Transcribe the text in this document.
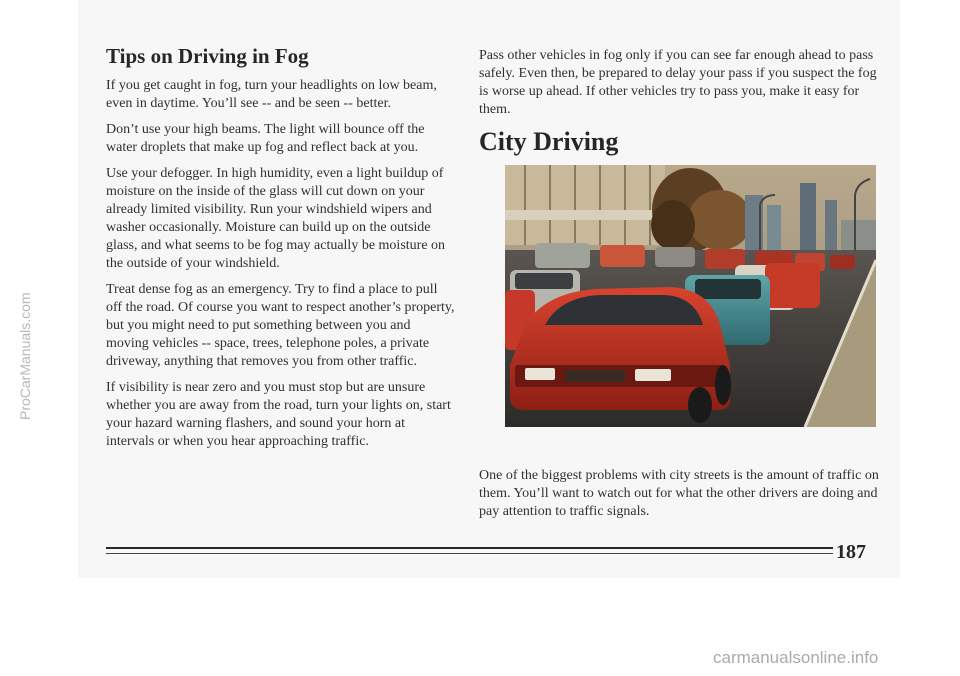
Tips on Driving in Fog

If you get caught in fog, turn your headlights on low beam, even in daytime. You’ll see -- and be seen -- better.

Don’t use your high beams. The light will bounce off the water droplets that make up fog and reflect back at you.

Use your defogger. In high humidity, even a light buildup of moisture on the inside of the glass will cut down on your already limited visibility. Run your windshield wipers and washer occasionally. Moisture can build up on the outside glass, and what seems to be fog may actually be moisture on the outside of your windshield.

Treat dense fog as an emergency. Try to find a place to pull off the road. Of course you want to respect another’s property, but you might need to put something between you and moving vehicles -- space, trees, telephone poles, a private driveway, anything that removes you from other traffic.

If visibility is near zero and you must stop but are unsure whether you are away from the road, turn your lights on, start your hazard warning flashers, and sound your horn at intervals or when you hear approaching traffic.

Pass other vehicles in fog only if you can see far enough ahead to pass safely. Even then, be prepared to delay your pass if you suspect the fog is worse up ahead. If other vehicles try to pass you, make it easy for them.

City Driving

One of the biggest problems with city streets is the amount of traffic on them. You’ll want to watch out for what the other drivers are doing and pay attention to traffic signals.

187
ProCarManuals.com
carmanualsonline.info
